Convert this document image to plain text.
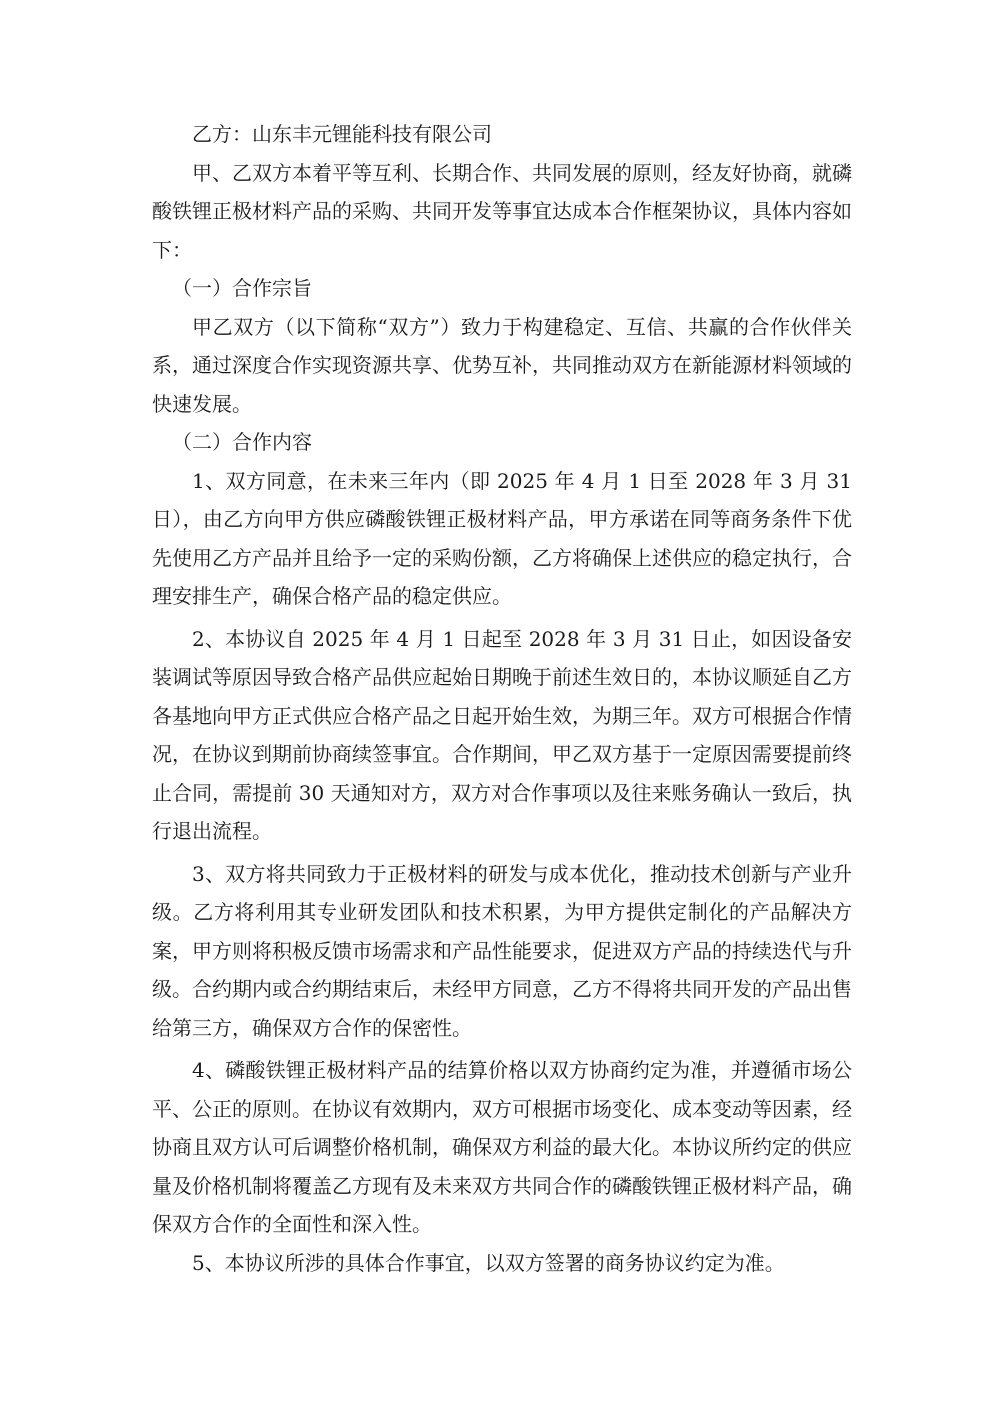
乙方：山东丰元锂能科技有限公司

甲、乙双方本着平等互利、长期合作、共同发展的原则，经友好协商，就磷酸铁锂正极材料产品的采购、共同开发等事宜达成本合作框架协议，具体内容如下：

（一）合作宗旨

甲乙双方（以下简称“双方”）致力于构建稳定、互信、共赢的合作伙伴关系，通过深度合作实现资源共享、优势互补，共同推动双方在新能源材料领域的快速发展。

（二）合作内容

1、双方同意，在未来三年内（即 2025 年 4 月 1 日至 2028 年 3 月 31 日），由乙方向甲方供应磷酸铁锂正极材料产品，甲方承诺在同等商务条件下优先使用乙方产品并且给予一定的采购份额，乙方将确保上述供应的稳定执行，合理安排生产，确保合格产品的稳定供应。

2、本协议自 2025 年 4 月 1 日起至 2028 年 3 月 31 日止，如因设备安装调试等原因导致合格产品供应起始日期晚于前述生效日的，本协议顺延自乙方各基地向甲方正式供应合格产品之日起开始生效，为期三年。双方可根据合作情况，在协议到期前协商续签事宜。合作期间，甲乙双方基于一定原因需要提前终止合同，需提前 30 天通知对方，双方对合作事项以及往来账务确认一致后，执行退出流程。

3、双方将共同致力于正极材料的研发与成本优化，推动技术创新与产业升级。乙方将利用其专业研发团队和技术积累，为甲方提供定制化的产品解决方案，甲方则将积极反馈市场需求和产品性能要求，促进双方产品的持续迭代与升级。合约期内或合约期结束后，未经甲方同意，乙方不得将共同开发的产品出售给第三方，确保双方合作的保密性。

4、磷酸铁锂正极材料产品的结算价格以双方协商约定为准，并遵循市场公平、公正的原则。在协议有效期内，双方可根据市场变化、成本变动等因素，经协商且双方认可后调整价格机制，确保双方利益的最大化。本协议所约定的供应量及价格机制将覆盖乙方现有及未来双方共同合作的磷酸铁锂正极材料产品，确保双方合作的全面性和深入性。

5、本协议所涉的具体合作事宜，以双方签署的商务协议约定为准。
